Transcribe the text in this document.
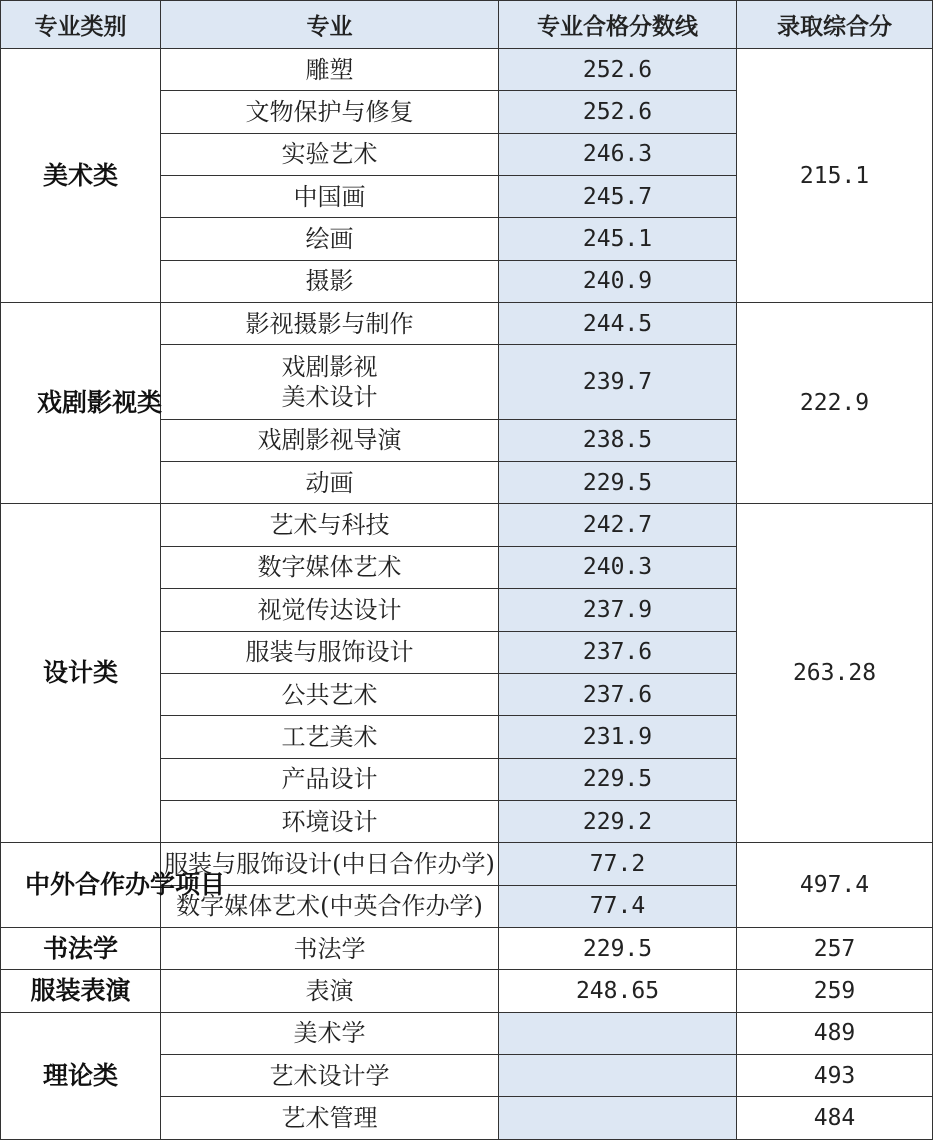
专业类别	专业	专业合格分数线	录取综合分
美术类	雕塑	252.6	215.1
	文物保护与修复	252.6	
	实验艺术	246.3	
	中国画	245.7	
	绘画	245.1	
	摄影	240.9	
戏剧影视类	影视摄影与制作	244.5	222.9
	戏剧影视美术设计	239.7	
	戏剧影视导演	238.5	
	动画	229.5	
设计类	艺术与科技	242.7	263.28
	数字媒体艺术	240.3	
	视觉传达设计	237.9	
	服装与服饰设计	237.6	
	公共艺术	237.6	
	工艺美术	231.9	
	产品设计	229.5	
	环境设计	229.2	
中外合作办学项目	服装与服饰设计(中日合作办学)	77.2	497.4

	数字媒体艺术(中英合作办学)	77.4	
书法学	书法学	229.5	257
服装表演	表演	248.65	259
理论类	美术学		489
	艺术设计学		493
	艺术管理		484
